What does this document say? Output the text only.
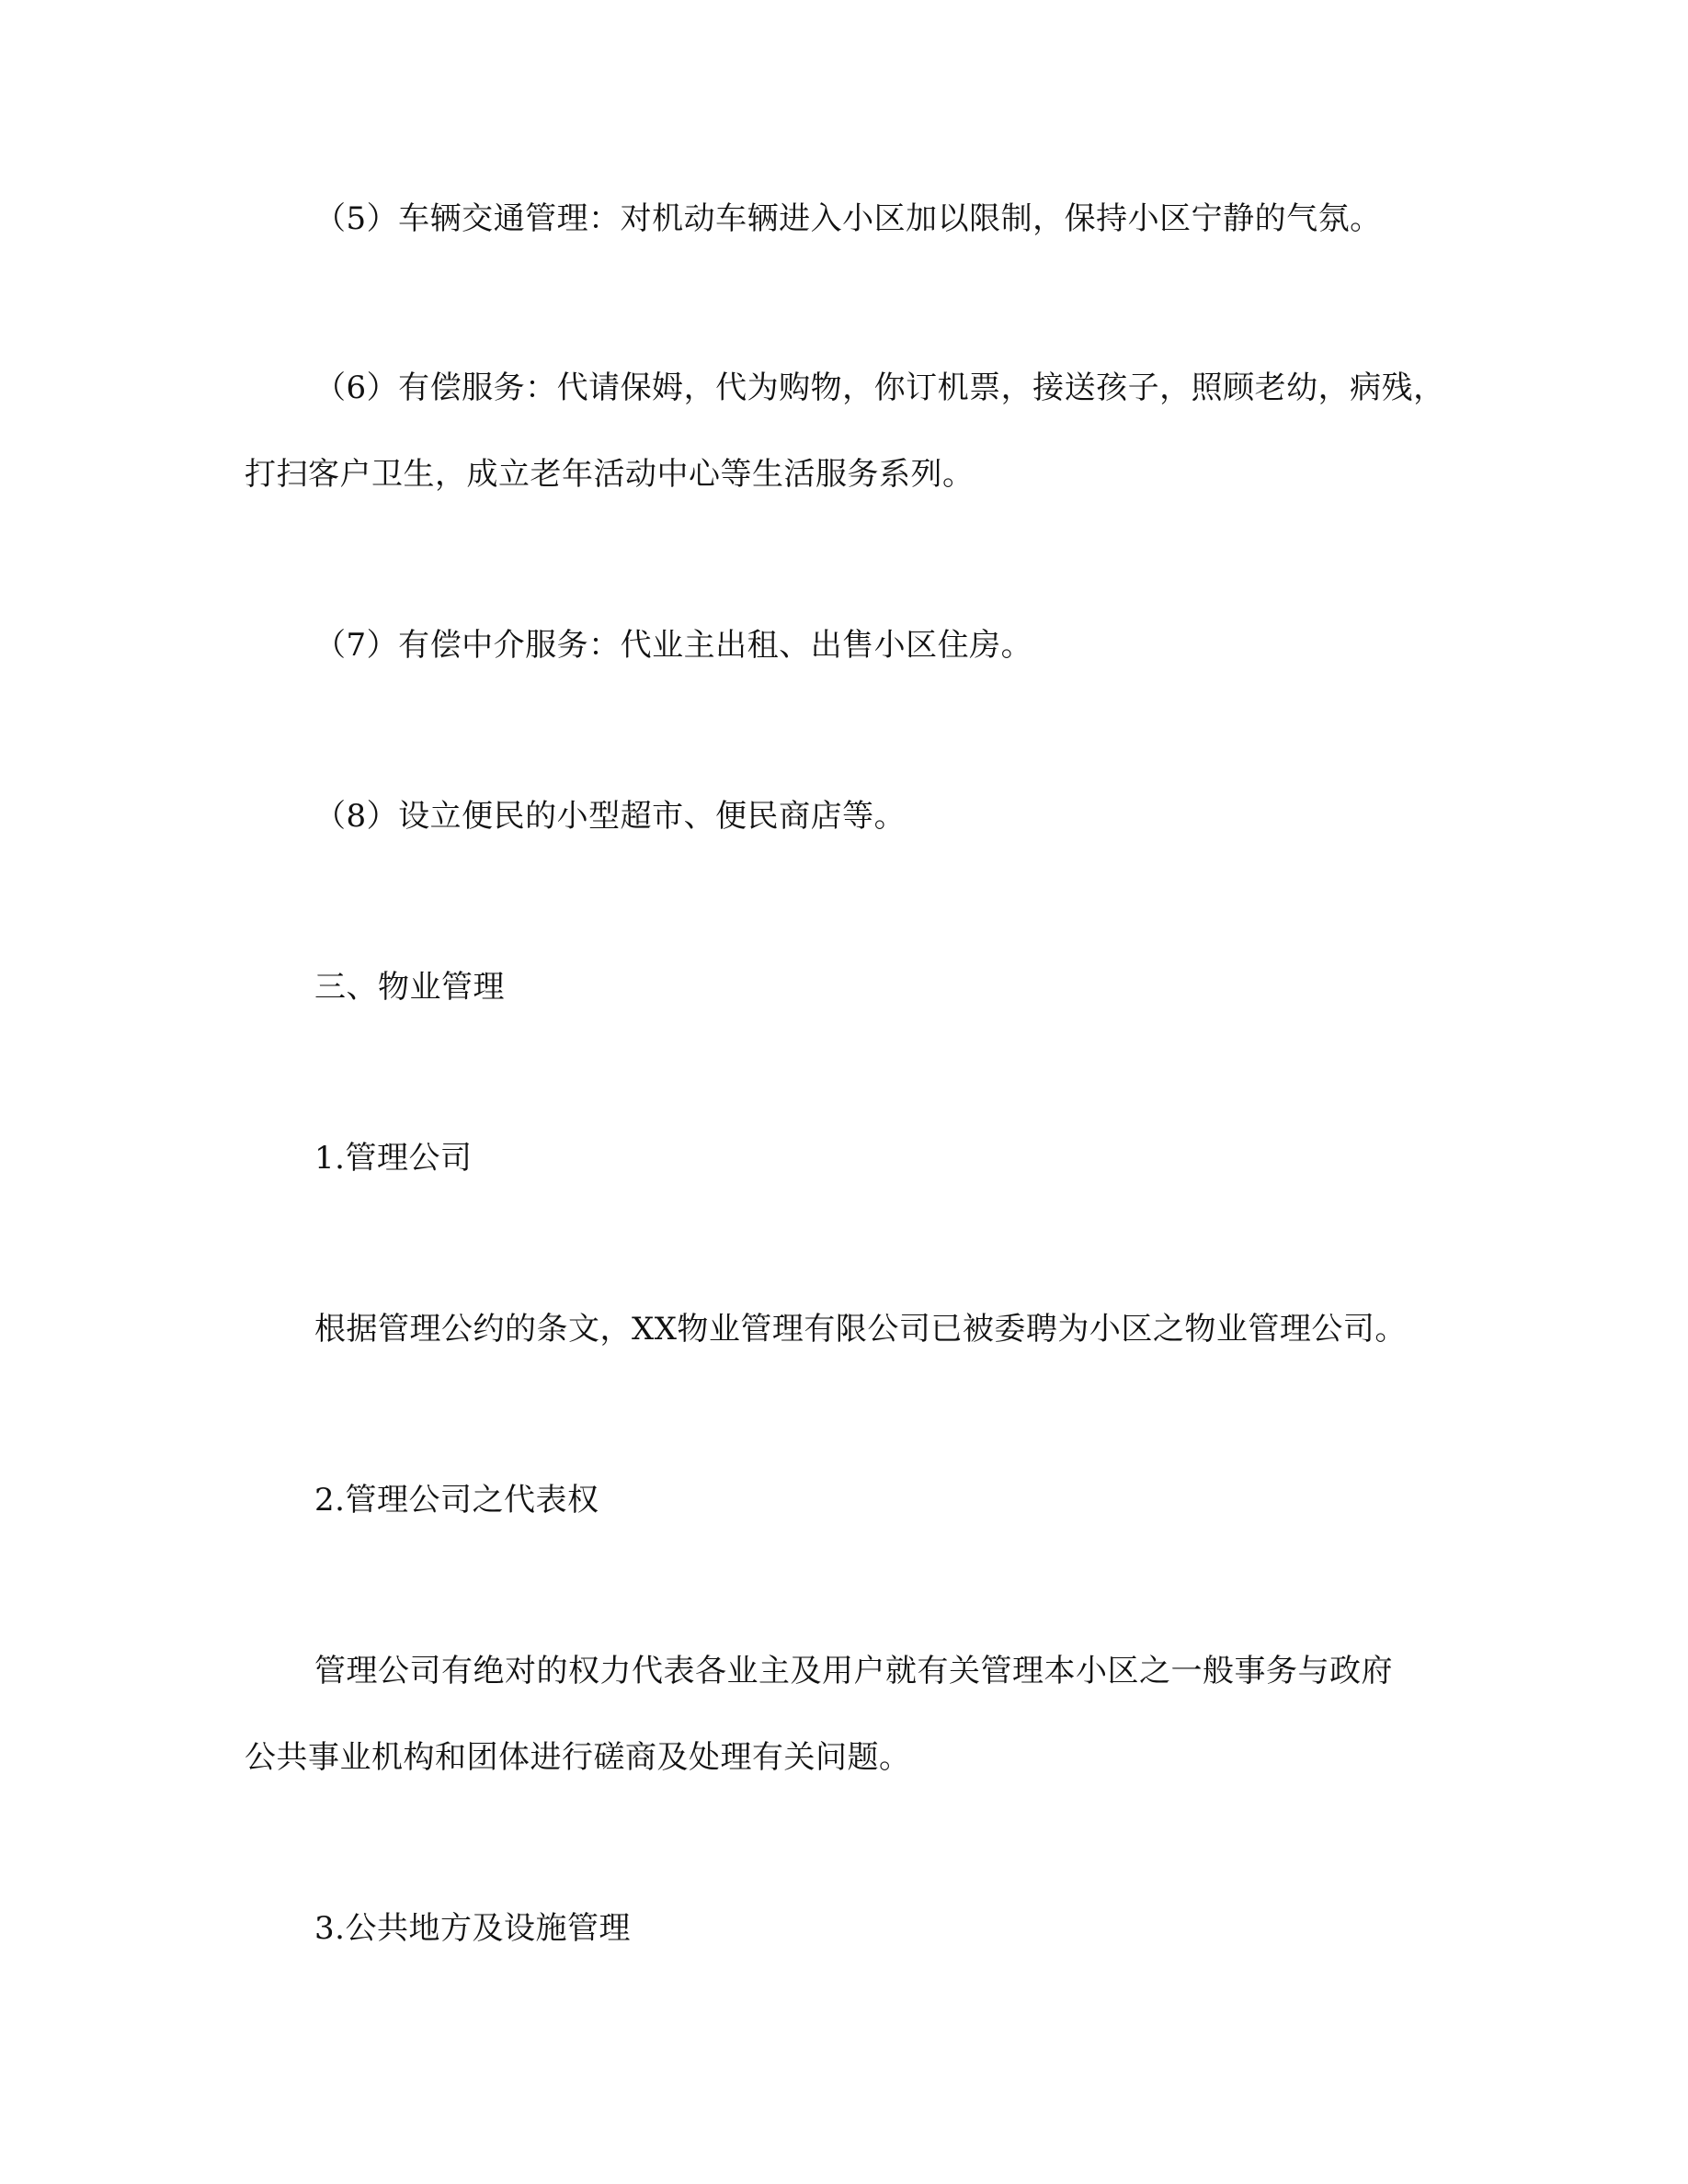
（5）车辆交通管理：对机动车辆进入小区加以限制，保持小区宁静的气氛。
（6）有偿服务：代请保姆，代为购物，你订机票，接送孩子，照顾老幼，病残，
打扫客户卫生，成立老年活动中心等生活服务系列。
（7）有偿中介服务：代业主出租、出售小区住房。
（8）设立便民的小型超市、便民商店等。
三、物业管理
1.管理公司
根据管理公约的条文，XX物业管理有限公司已被委聘为小区之物业管理公司。
2.管理公司之代表权
管理公司有绝对的权力代表各业主及用户就有关管理本小区之一般事务与政府
公共事业机构和团体进行磋商及处理有关问题。
3.公共地方及设施管理
